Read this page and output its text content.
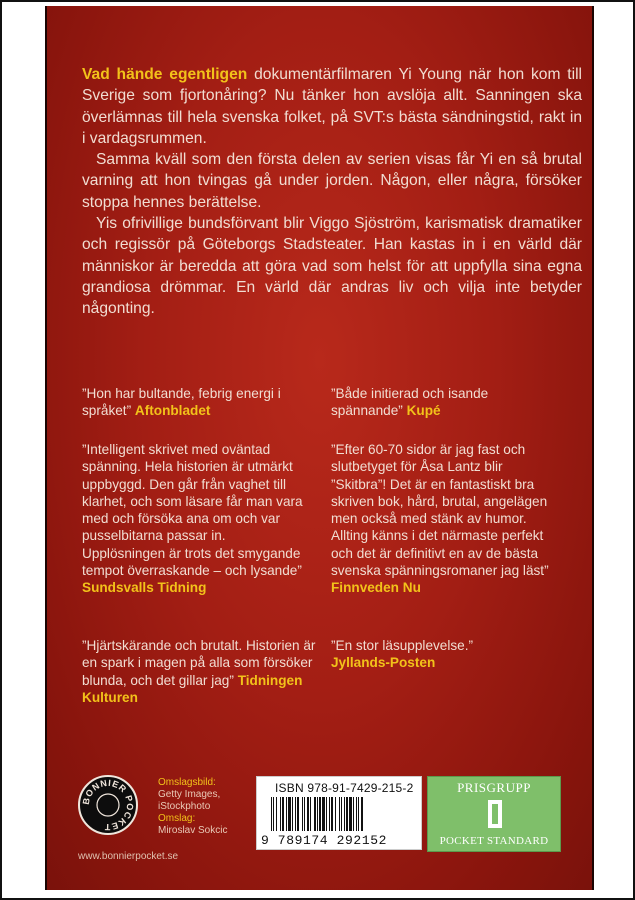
Vad hände egentligen dokumentärfilmaren Yi Young när hon kom till Sverige som fjortonåring? Nu tänker hon avslöja allt. Sanningen ska överlämnas till hela svenska folket, på SVT:s bästa sändningstid, rakt in i vardagsrummen.

Samma kväll som den första delen av serien visas får Yi en så brutal varning att hon tvingas gå under jorden. Någon, eller några, försöker stoppa hennes berättelse.

Yis ofrivillige bundsförvant blir Viggo Sjöström, karismatisk dramatiker och regissör på Göteborgs Stadsteater. Han kastas in i en värld där människor är beredda att göra vad som helst för att uppfylla sina egna grandiosa drömmar. En värld där andras liv och vilja inte betyder någonting.

”Hon har bultande, febrig energi i språket” Aftonbladet
”Intelligent skrivet med oväntad spänning. Hela historien är utmärkt uppbyggd. Den går från vaghet till klarhet, och som läsare får man vara med och försöka ana om och var pusselbitarna passar in. Upplösningen är trots det smygande tempot överraskande – och lysande” Sundsvalls Tidning
”Hjärtskärande och brutalt. Historien är en spark i magen på alla som försöker blunda, och det gillar jag” Tidningen Kulturen
”Både initierad och isande spännande” Kupé
”Efter 60-70 sidor är jag fast och slutbetyget för Åsa Lantz blir ”Skitbra”! Det är en fantastiskt bra skriven bok, hård, brutal, angelägen men också med stänk av humor. Allting känns i det närmaste perfekt och det är definitivt en av de bästa svenska spänningsromaner jag läst” Finnveden Nu
”En stor läsupplevelse.”
Jyllands-Posten
BONNIER POCKET
Omslagsbild:
Getty Images,
iStockphoto
Omslag:
Miroslav Sokcic
www.bonnierpocket.se
ISBN 978-91-7429-215-2
9 789174 292152
PRISGRUPP
POCKET STANDARD
